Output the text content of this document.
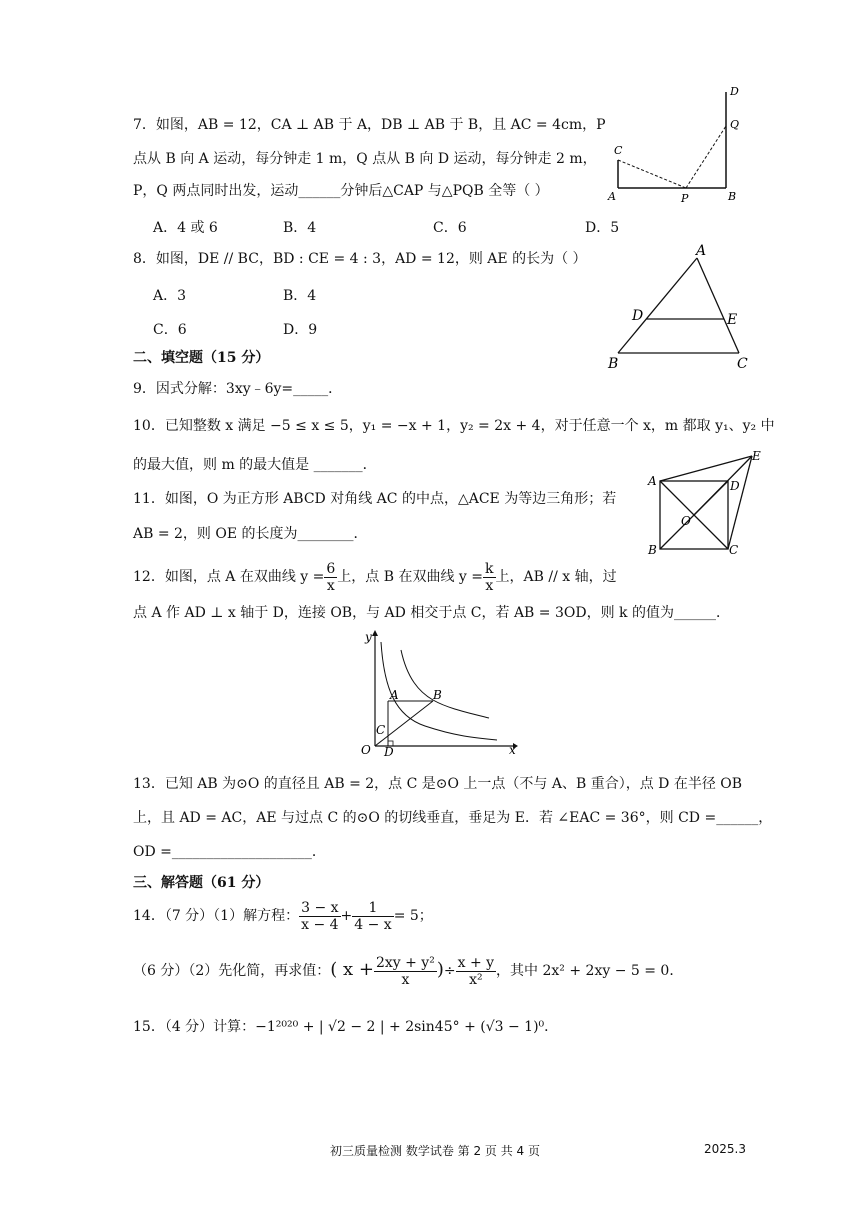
7．如图，AB = 12，CA ⊥ AB 于 A，DB ⊥ AB 于 B，且 AC = 4cm，P
点从 B 向 A 运动，每分钟走 1 m，Q 点从 B 向 D 运动，每分钟走 2 m，
P，Q 两点同时出发，运动______分钟后△CAP 与△PQB 全等（ ）
A．4 或 6	B．4	C．6	D．5
D
Q
C
A	P	B
8．如图，DE // BC，BD : CE = 4 : 3，AD = 12，则 AE 的长为（ ）
A．3	B．4
C．6	D．9
A
D	E
B	C
二、填空题（15 分）
9．因式分解：3xy﹣6y=_____．
10．已知整数 x 满足 −5 ≤ x ≤ 5，y₁ = −x + 1，y₂ = 2x + 4，对于任意一个 x，m 都取 y₁、y₂ 中
的最大值，则 m 的最大值是 _______．
11．如图，O 为正方形 ABCD 对角线 AC 的中点，△ACE 为等边三角形；若
AB = 2，则 OE 的长度为________．
E
A	D
O
B	C
12．如图，点 A 在双曲线 $y = \frac{6}{x}$ 上，点 B 在双曲线 $y = \frac{k}{x}$ 上，AB // x 轴，过
点 A 作 AD ⊥ x 轴于 D，连接 OB，与 AD 相交于点 C，若 AB = 3OD，则 k 的值为______．
y
A	B
C
O D	x
13．已知 AB 为⊙O 的直径且 AB = 2，点 C 是⊙O 上一点（不与 A、B 重合），点 D 在半径 OB
上，且 AD = AC，AE 与过点 C 的⊙O 的切线垂直，垂足为 E．若 ∠EAC = 36°，则 CD =______，
OD =____________________．
三、解答题（61 分）
14．（7 分）（1）解方程： $\frac{3 - x}{x - 4} + \frac{1}{4 - x} = 5$；
（6 分）（2）先化简，再求值：( $x + \frac{\text{2xy + y²}}{x}$ )÷ $\frac{x + y}{\text{x²}}$ ，其中 2x² + 2xy − 5 = 0．
15．（4 分）计算：−1²⁰²⁰ + | √2 − 2 | + 2sin45° + (√3 − 1)⁰．
初三质量检测 数学试卷 第 2 页 共 4 页	2025.3
